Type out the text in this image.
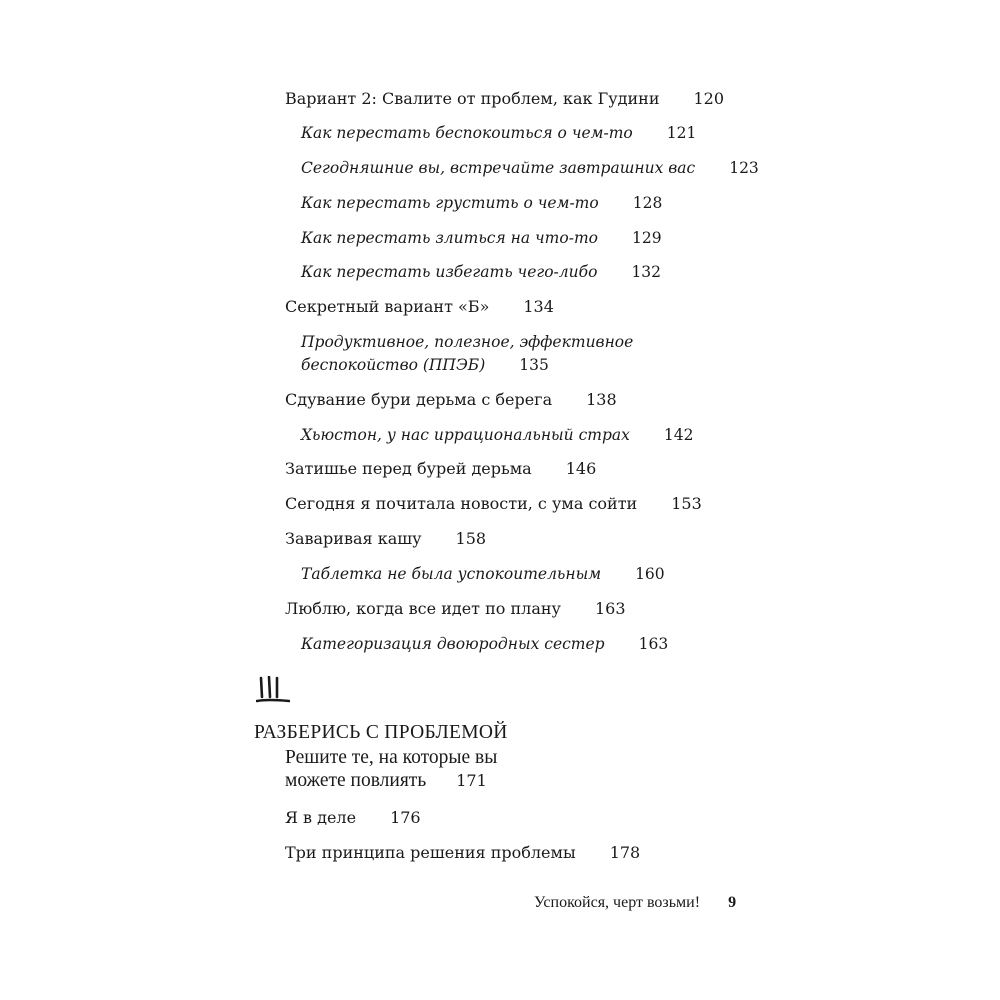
Вариант 2: Свалите от проблем, как Гудини 120
Как перестать беспокоиться о чем-то 121
Сегодняшние вы, встречайте завтрашних вас 123
Как перестать грустить о чем-то 128
Как перестать злиться на что-то 129
Как перестать избегать чего-либо 132
Секретный вариант «Б» 134
Продуктивное, полезное, эффективное
беспокойство (ППЭБ) 135
Сдувание бури дерьма с берега 138
Хьюстон, у нас иррациональный страх 142
Затишье перед бурей дерьма 146
Сегодня я почитала новости, с ума сойти 153
Заваривая кашу 158
Таблетка не была успокоительным 160
Люблю, когда все идет по плану 163
Категоризация двоюродных сестер 163
РАЗБЕРИСЬ С ПРОБЛЕМОЙ
Решите те, на которые вы
можете повлиять 171
Я в деле 176
Три принципа решения проблемы 178
Успокойся, черт возьми! 9
